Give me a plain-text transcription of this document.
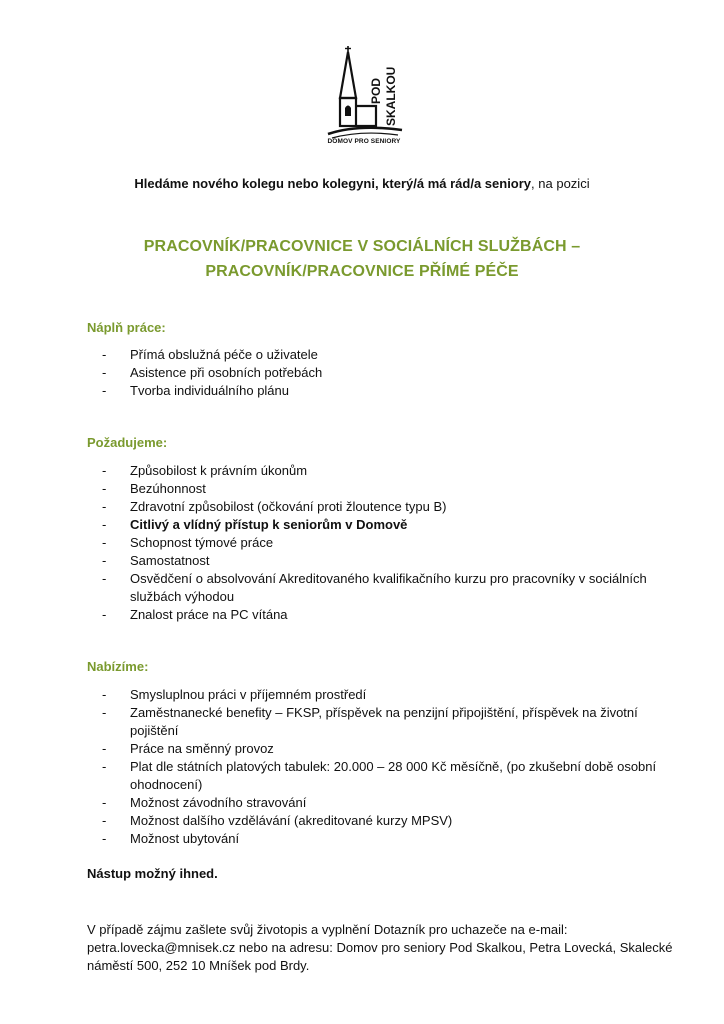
POD SKALKOU
DOMOV PRO SENIORY
Hledáme nového kolegu nebo kolegyni, který/á má rád/a seniory, na pozici
PRACOVNÍK/PRACOVNICE V SOCIÁLNÍCH SLUŽBÁCH –
PRACOVNÍK/PRACOVNICE PŘÍMÉ PÉČE
Náplň práce:
- Přímá obslužná péče o uživatele
- Asistence při osobních potřebách
- Tvorba individuálního plánu
Požadujeme:
- Způsobilost k právním úkonům
- Bezúhonnost
- Zdravotní způsobilost (očkování proti žloutence typu B)
- Citlivý a vlídný přístup k seniorům v Domově
- Schopnost týmové práce
- Samostatnost
- Osvědčení o absolvování Akreditovaného kvalifikačního kurzu pro pracovníky v sociálních službách výhodou
- Znalost práce na PC vítána
Nabízíme:
- Smysluplnou práci v příjemném prostředí
- Zaměstnanecké benefity – FKSP, příspěvek na penzijní připojištění, příspěvek na životní pojištění
- Práce na směnný provoz
- Plat dle státních platových tabulek: 20.000 – 28 000 Kč měsíčně, (po zkušební době osobní ohodnocení)
- Možnost závodního stravování
- Možnost dalšího vzdělávání (akreditované kurzy MPSV)
- Možnost ubytování
Nástup možný ihned.
V případě zájmu zašlete svůj životopis a vyplnění Dotazník pro uchazeče na e-mail:
petra.lovecka@mnisek.cz nebo na adresu: Domov pro seniory Pod Skalkou, Petra Lovecká, Skalecké
náměstí 500, 252 10 Mníšek pod Brdy.
